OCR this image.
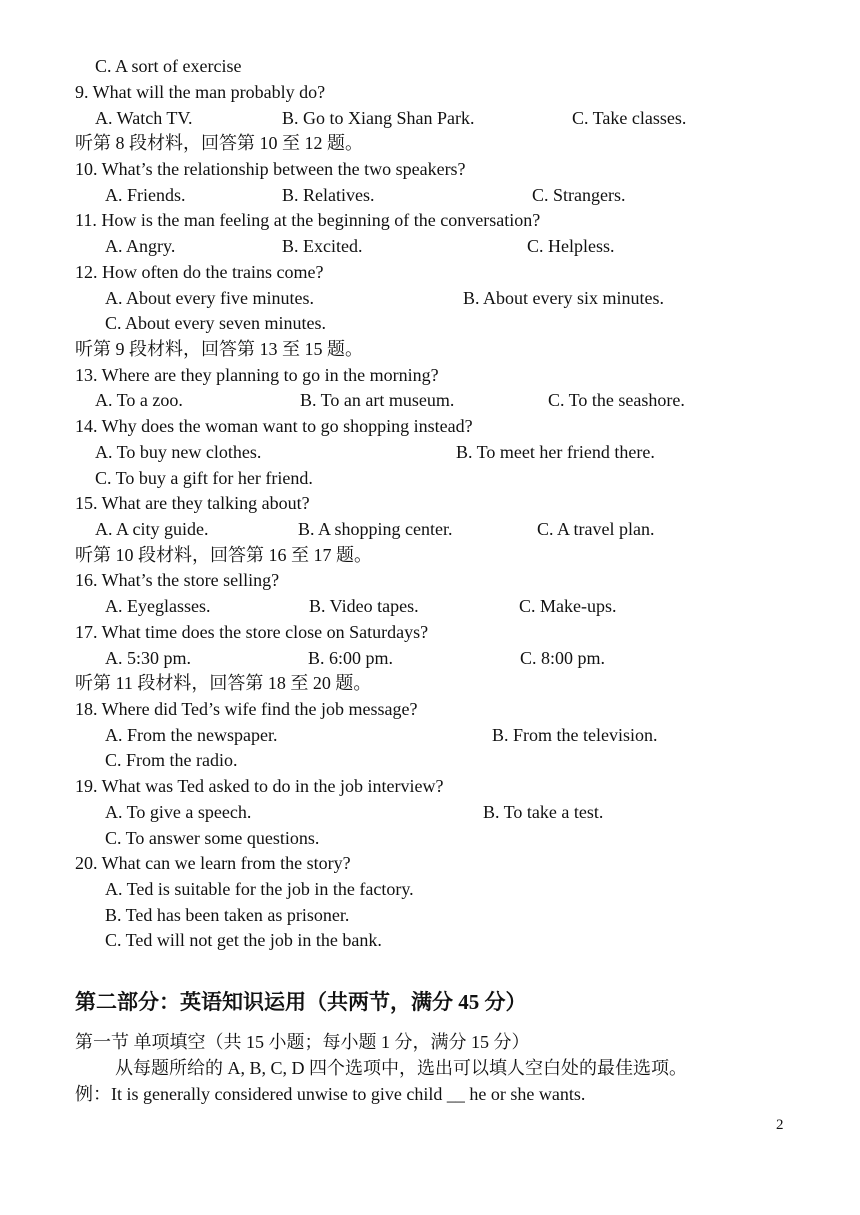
C. A sort of exercise
9. What will the man probably do?
A. Watch TV.	B. Go to Xiang Shan Park.	C. Take classes.
听第 8 段材料，回答第 10 至 12 题。
10. What’s the relationship between the two speakers?
A. Friends.	B. Relatives.	C. Strangers.
11. How is the man feeling at the beginning of the conversation?
A. Angry.	B. Excited.	C. Helpless.
12. How often do the trains come?
A. About every five minutes.	B. About every six minutes.
C. About every seven minutes.
听第 9 段材料，回答第 13 至 15 题。
13. Where are they planning to go in the morning?
A. To a zoo.	B. To an art museum.	C. To the seashore.
14. Why does the woman want to go shopping instead?
A. To buy new clothes.	B. To meet her friend there.
C. To buy a gift for her friend.
15. What are they talking about?
A. A city guide.	B. A shopping center.	C. A travel plan.
听第 10 段材料，回答第 16 至 17 题。
16. What’s the store selling?
A. Eyeglasses.	B. Video tapes.	C. Make-ups.
17. What time does the store close on Saturdays?
A. 5:30 pm.	B. 6:00 pm.	C. 8:00 pm.
听第 11 段材料，回答第 18 至 20 题。
18. Where did Ted’s wife find the job message?
A. From the newspaper.	B. From the television.
C. From the radio.
19. What was Ted asked to do in the job interview?
A. To give a speech.	B. To take a test.
C. To answer some questions.
20. What can we learn from the story?
A. Ted is suitable for the job in the factory.
B. Ted has been taken as prisoner.
C. Ted will not get the job in the bank.
第二部分：英语知识运用（共两节，满分 45 分）
第一节 单项填空（共 15 小题；每小题 1 分，满分 15 分）
从每题所给的 A, B, C, D 四个选项中，选出可以填人空白处的最佳选项。
例：It is generally considered unwise to give child __ he or she wants.
2
